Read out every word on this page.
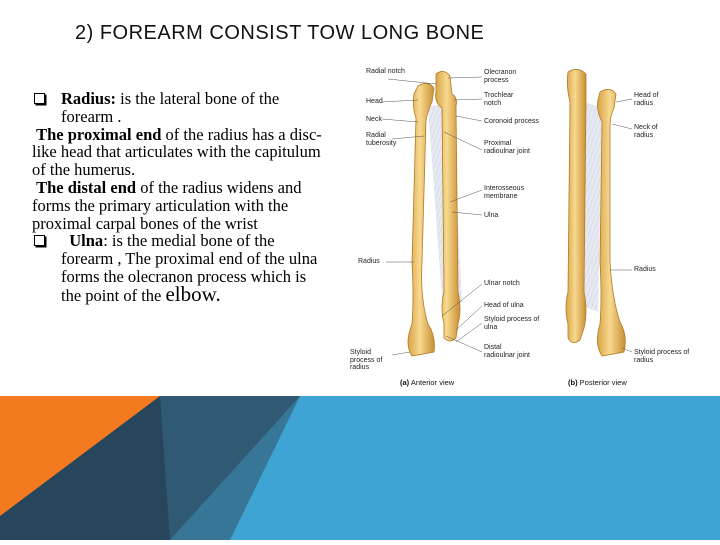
2) FOREARM CONSIST TOW LONG BONE

Radius: is the lateral bone of the forearm .

The proximal end of the radius has a disc-like head that articulates with the capitulum of the humerus.

The distal end of the radius widens and forms the primary articulation with the proximal carpal bones of the wrist

Ulna: is the medial bone of the forearm , The proximal end of the ulna forms the olecranon process which is the point of the elbow.

Radial notch
Head
Neck
Radial tuberosity
Radius
Styloid process of radius
Olecranon process
Trochlear notch
Coronoid process
Proximal radioulnar joint
Interosseous membrane
Ulna
Ulnar notch
Head of ulna
Styloid process of ulna
Distal radioulnar joint
Head of radius
Neck of radius
Radius
Styloid process of radius
(a) Anterior view	(b) Posterior view
